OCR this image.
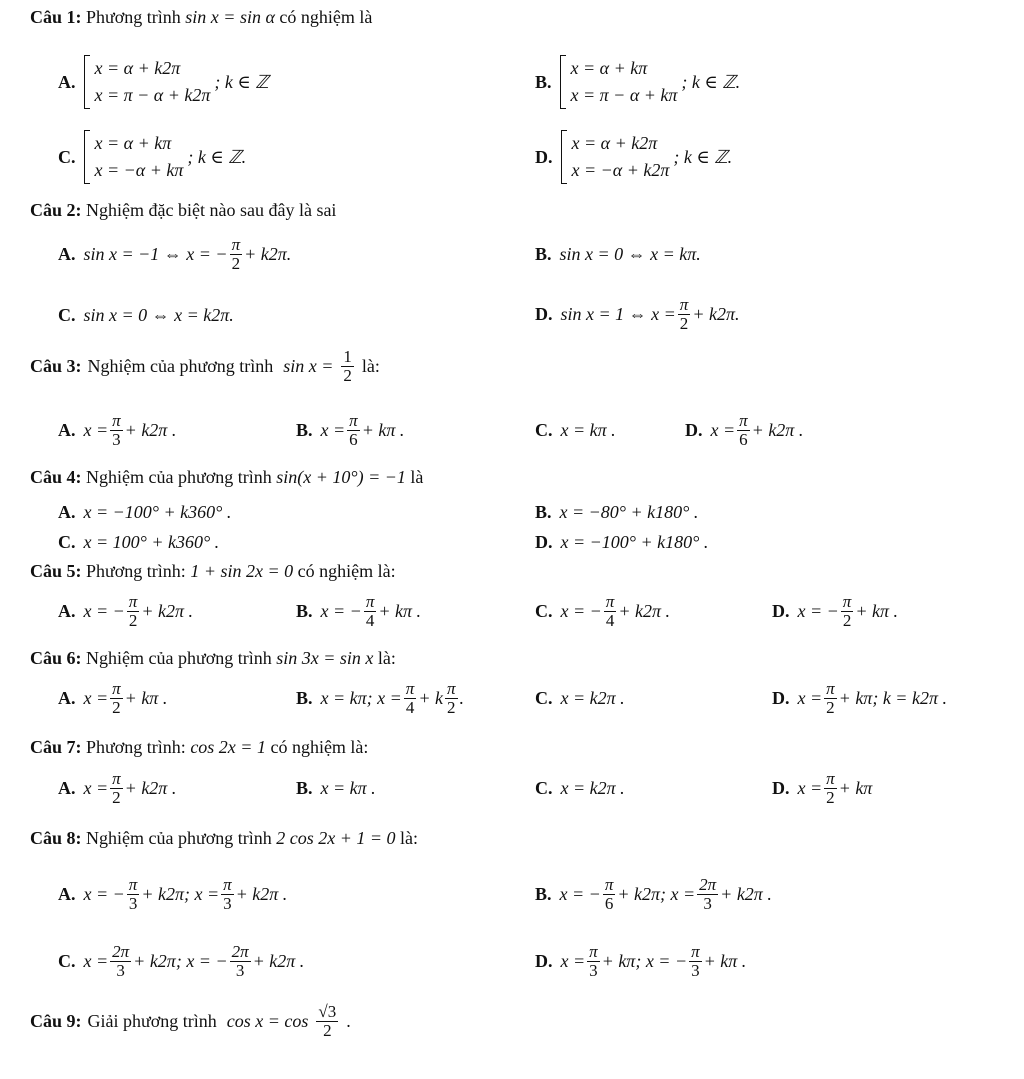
Câu 1: Phương trình sin x = sin α có nghiệm là
A.
x = α + k2π
x = π − α + k2π
; k ∈ ℤ	B.
x = α + kπ
x = π − α + kπ
; k ∈ ℤ.
C.
x = α + kπ
x = −α + kπ
; k ∈ ℤ.	D.
x = α + k2π
x = −α + k2π
; k ∈ ℤ.
Câu 2: Nghiệm đặc biệt nào sau đây là sai
A. sin x = −1 ⇔ x = − $\frac{\pi}{2} + k2\pi$.	B. sin x = 0 ⇔ x = kπ.
C. sin x = 0 ⇔ x = k2π.	D. sin x = 1 ⇔ $x = \frac{\pi}{2} + k2\pi$.
Câu 3: Nghiệm của phương trình $\sin x = \frac{1}{2}$ là:
A. $x = \frac{\pi}{3} + k2\pi$ .	B. $x = \frac{\pi}{6} + k\pi$ .	C. x = kπ .	D. $x = \frac{\pi}{6} + k2\pi$ .
Câu 4: Nghiệm của phương trình sin(x + 10°) = −1 là
A. x = −100° + k360° .	B. x = −80° + k180° .
C. x = 100° + k360° .	D. x = −100° + k180° .
Câu 5: Phương trình: 1 + sin 2x = 0 có nghiệm là:
A. x = − $\frac{\pi}{2} + k2\pi$ .	B. x = − $\frac{\pi}{4} + k\pi$ .	C. x = − $\frac{\pi}{4} + k2\pi$ .	D. x = − $\frac{\pi}{2} + k\pi$ .
Câu 6: Nghiệm của phương trình sin 3x = sin x là:
A. $x = \frac{\pi}{2} + k\pi$ .	B. x = kπ; $x = \frac{\pi}{4} + k \frac{\pi}{2}$ .	C. x = k2π .	D. $x = \frac{\pi}{2} + k\pi$; k = k2π .
Câu 7: Phương trình: cos 2x = 1 có nghiệm là:
A. $x = \frac{\pi}{2} + k2\pi$ .	B. x = kπ .	C. x = k2π .	D. $x = \frac{\pi}{2} + k\pi$
Câu 8: Nghiệm của phương trình 2 cos 2x + 1 = 0 là:
A. x = − $\frac{\pi}{3} + k2\pi$; $x = \frac{\pi}{3} + k2\pi$ .	B. x = − $\frac{\pi}{6} + k2\pi$; $x = \frac{2\pi}{3} + k2\pi$ .
C. $x = \frac{2\pi}{3} + k2\pi$; x = − $\frac{2\pi}{3} + k2\pi$ .	D. $x = \frac{\pi}{3} + k\pi$; x = − $\frac{\pi}{3} + k\pi$ .
Câu 9: Giải phương trình $\cos x = \cos \frac{√3}{2}$ .
